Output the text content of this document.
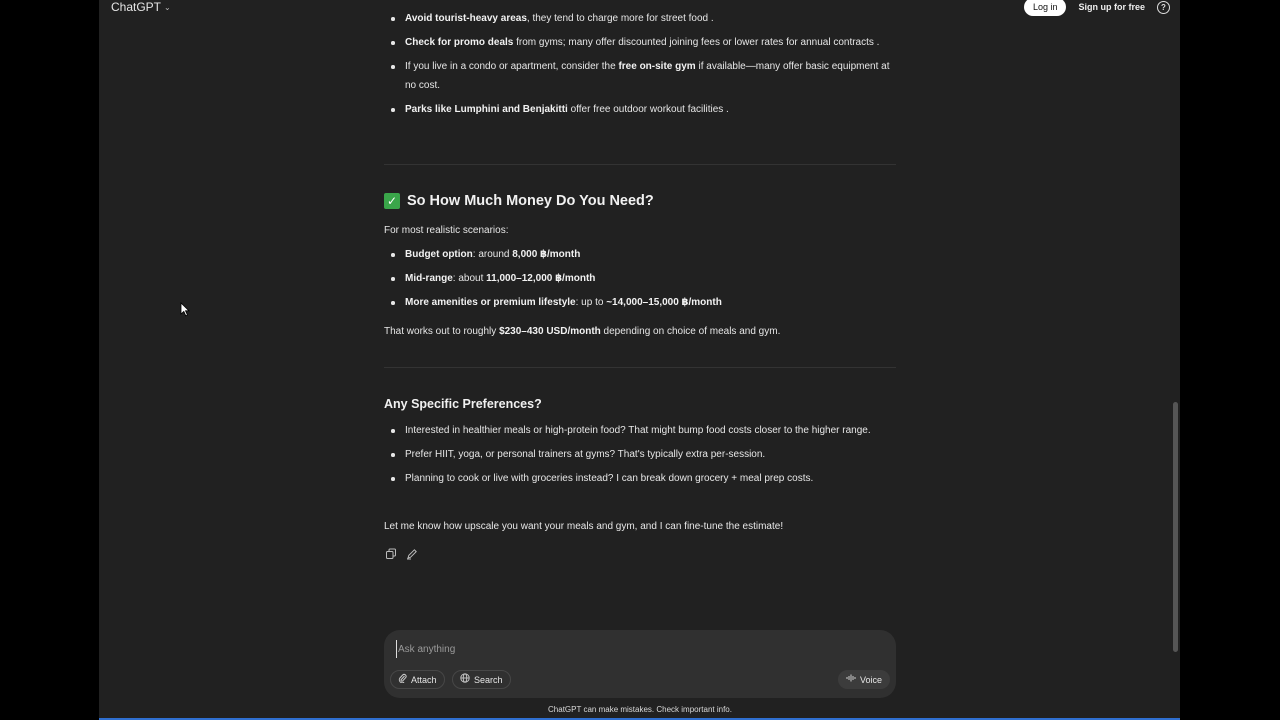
ChatGPT ⌄	Log in	Sign up for free	?
Avoid tourist-heavy areas, they tend to charge more for street food .
Check for promo deals from gyms; many offer discounted joining fees or lower rates for annual contracts .
If you live in a condo or apartment, consider the free on-site gym if available—many offer basic equipment at no cost.
Parks like Lumphini and Benjakitti offer free outdoor workout facilities .
✓ So How Much Money Do You Need?

For most realistic scenarios:

Budget option: around 8,000 ฿/month
Mid-range: about 11,000–12,000 ฿/month
More amenities or premium lifestyle: up to ~14,000–15,000 ฿/month

That works out to roughly $230–430 USD/month depending on choice of meals and gym.

Any Specific Preferences?
Interested in healthier meals or high-protein food? That might bump food costs closer to the higher range.
Prefer HIIT, yoga, or personal trainers at gyms? That's typically extra per-session.
Planning to cook or live with groceries instead? I can break down grocery + meal prep costs.

Let me know how upscale you want your meals and gym, and I can fine-tune the estimate!

Ask anything
Attach	Search	Voice
ChatGPT can make mistakes. Check important info.
